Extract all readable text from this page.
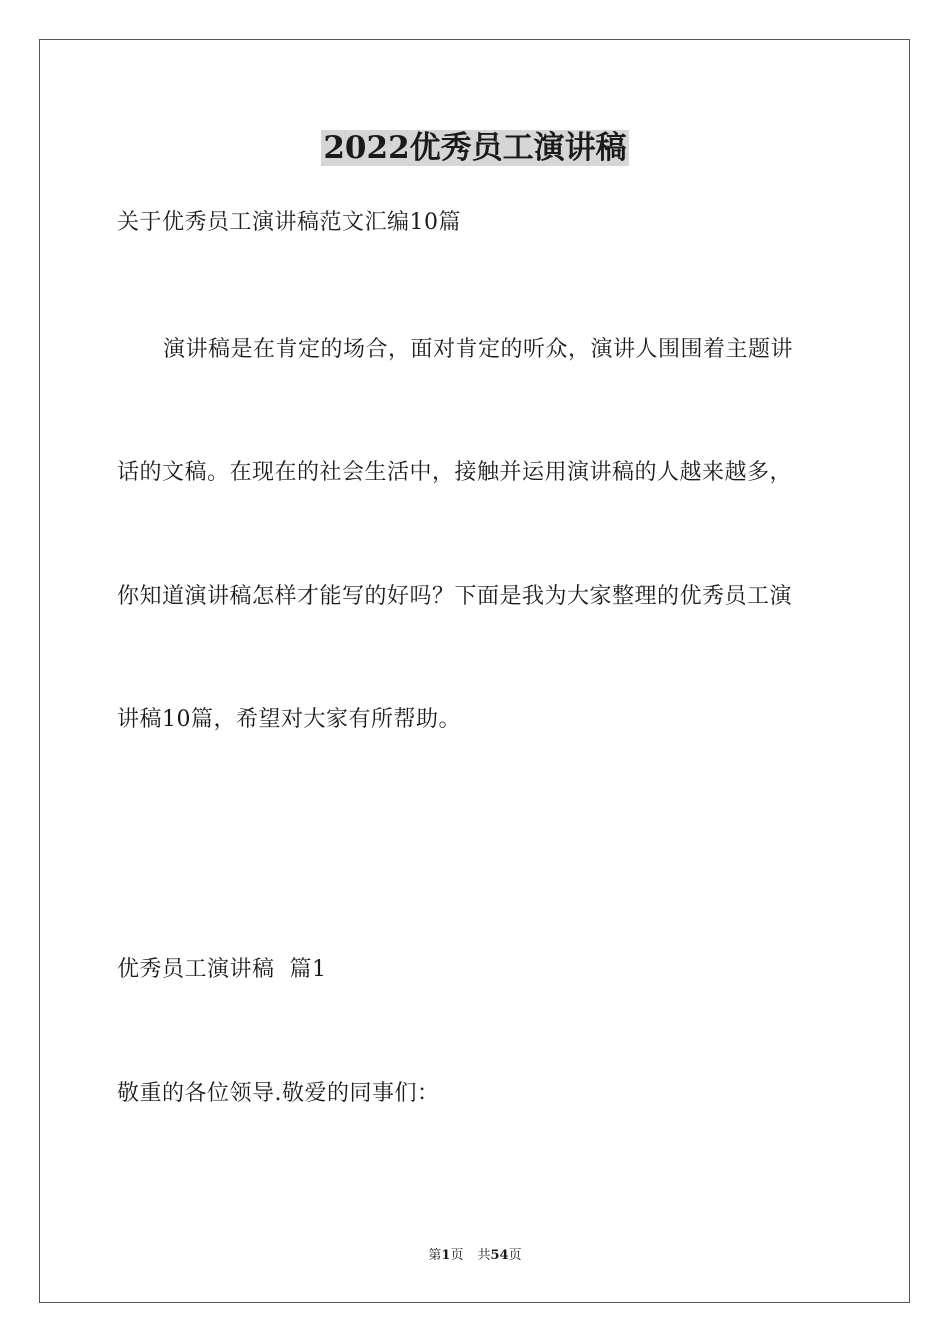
2022优秀员工演讲稿
关于优秀员工演讲稿范文汇编10篇
演讲稿是在肯定的场合，面对肯定的听众，演讲人围围着主题讲
话的文稿。在现在的社会生活中，接触并运用演讲稿的人越来越多，
你知道演讲稿怎样才能写的好吗？下面是我为大家整理的优秀员工演
讲稿10篇，希望对大家有所帮助。
优秀员工演讲稿  篇1
敬重的各位领导.敬爱的同事们：
第1页 共54页
